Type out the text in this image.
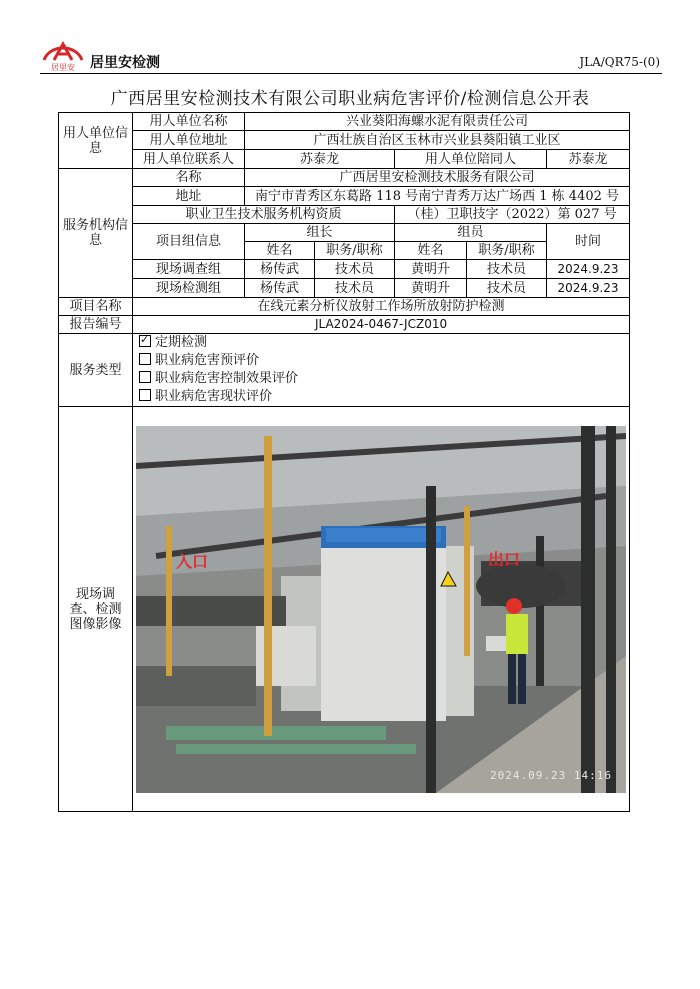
居里安 居里安检测	JLA/QR75-(0)
广西居里安检测技术有限公司职业病危害评价/检测信息公开表
用人单位信息	用人单位名称	兴业葵阳海螺水泥有限责任公司				
	用人单位地址	广西壮族自治区玉林市兴业县葵阳镇工业区				
	用人单位联系人	苏泰龙		用人单位陪同人		苏泰龙
服务机构信息	名称	广西居里安检测技术服务有限公司				
	地址	南宁市青秀区东葛路 118 号南宁青秀万达广场西 1 栋 4402 号				
	职业卫生技术服务机构资质			（桂）卫职技字（2022）第 027 号		
	项目组信息	组长		组员		时间
		姓名	职务/职称	姓名	职务/职称	
	现场调查组	杨传武	技术员	黄明升	技术员	2024.9.23
	现场检测组	杨传武	技术员	黄明升	技术员	2024.9.23
项目名称	在线元素分析仪放射工作场所放射防护检测					
报告编号	JLA2024-0467-JCZ010					
服务类型	
✓定期检测
职业病危害预评价
职业病危害控制效果评价
职业病危害现状评价

现场调查、检测图像影像	入口 出口
2024.09.23 14:16					
